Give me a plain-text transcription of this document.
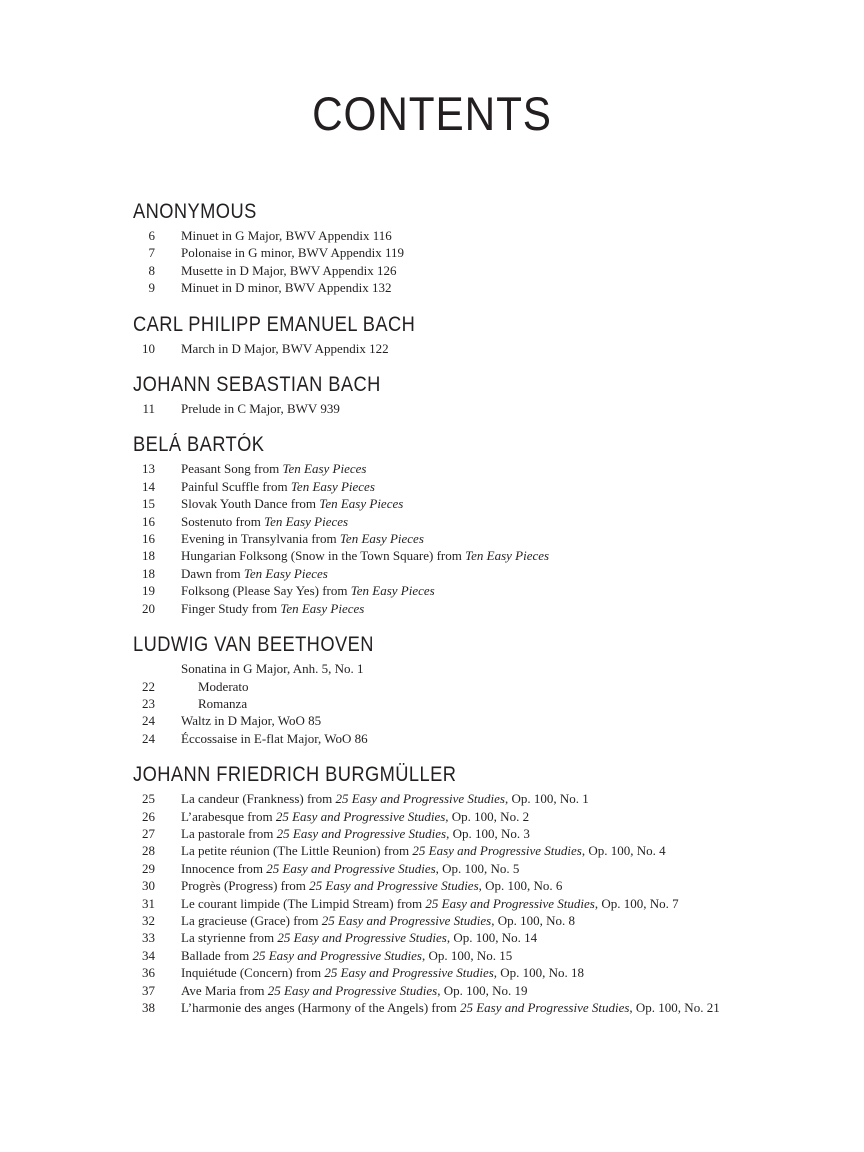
CONTENTS
ANONYMOUS
6 Minuet in G Major, BWV Appendix 116
7 Polonaise in G minor, BWV Appendix 119
8 Musette in D Major, BWV Appendix 126
9 Minuet in D minor, BWV Appendix 132
CARL PHILIPP EMANUEL BACH
10 March in D Major, BWV Appendix 122
JOHANN SEBASTIAN BACH
11 Prelude in C Major, BWV 939
BELÁ BARTÓK
13 Peasant Song from Ten Easy Pieces
14 Painful Scuffle from Ten Easy Pieces
15 Slovak Youth Dance from Ten Easy Pieces
16 Sostenuto from Ten Easy Pieces
16 Evening in Transylvania from Ten Easy Pieces
18 Hungarian Folksong (Snow in the Town Square) from Ten Easy Pieces
18 Dawn from Ten Easy Pieces
19 Folksong (Please Say Yes) from Ten Easy Pieces
20 Finger Study from Ten Easy Pieces
LUDWIG VAN BEETHOVEN
Sonatina in G Major, Anh. 5, No. 1
22	Moderato
23	Romanza
24 Waltz in D Major, WoO 85
24 Éccossaise in E-flat Major, WoO 86
JOHANN FRIEDRICH BURGMÜLLER
25 La candeur (Frankness) from 25 Easy and Progressive Studies, Op. 100, No. 1
26 L’arabesque from 25 Easy and Progressive Studies, Op. 100, No. 2
27 La pastorale from 25 Easy and Progressive Studies, Op. 100, No. 3
28 La petite réunion (The Little Reunion) from 25 Easy and Progressive Studies, Op. 100, No. 4
29 Innocence from 25 Easy and Progressive Studies, Op. 100, No. 5
30 Progrès (Progress) from 25 Easy and Progressive Studies, Op. 100, No. 6
31 Le courant limpide (The Limpid Stream) from 25 Easy and Progressive Studies, Op. 100, No. 7
32 La gracieuse (Grace) from 25 Easy and Progressive Studies, Op. 100, No. 8
33 La styrienne from 25 Easy and Progressive Studies, Op. 100, No. 14
34 Ballade from 25 Easy and Progressive Studies, Op. 100, No. 15
36 Inquiétude (Concern) from 25 Easy and Progressive Studies, Op. 100, No. 18
37 Ave Maria from 25 Easy and Progressive Studies, Op. 100, No. 19
38 L’harmonie des anges (Harmony of the Angels) from 25 Easy and Progressive Studies, Op. 100, No. 21
